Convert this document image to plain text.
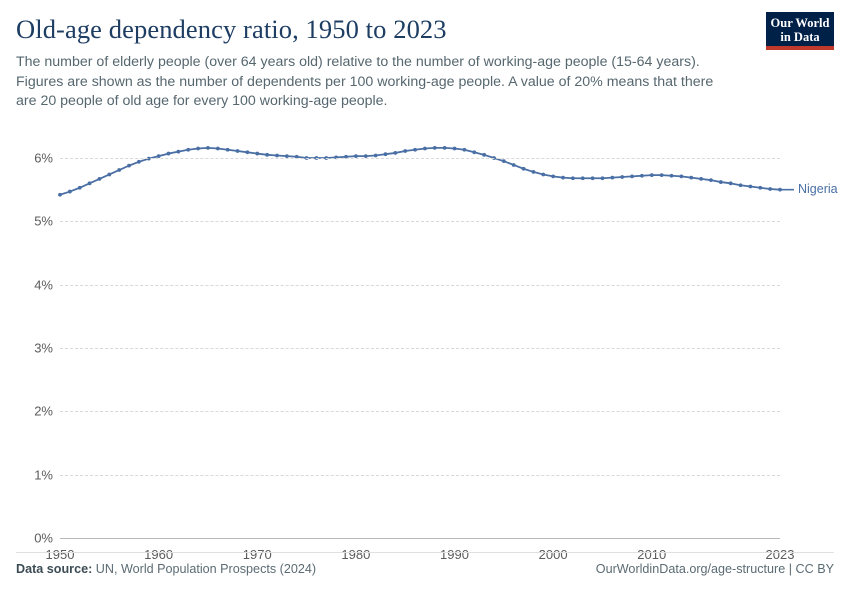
Old-age dependency ratio, 1950 to 2023

The number of elderly people (over 64 years old) relative to the number of working-age people (15-64 years). Figures are shown as the number of dependents per 100 working-age people. A value of 20% means that there are 20 people of old age for every 100 working-age people.

Our World
in Data
0%
1%
2%
3%
4%
5%
6%
1950	1960	1970	1980	1990	2000	2010	2023
Nigeria
Data source: UN, World Population Prospects (2024)	OurWorldinData.org/age-structure | CC BY
